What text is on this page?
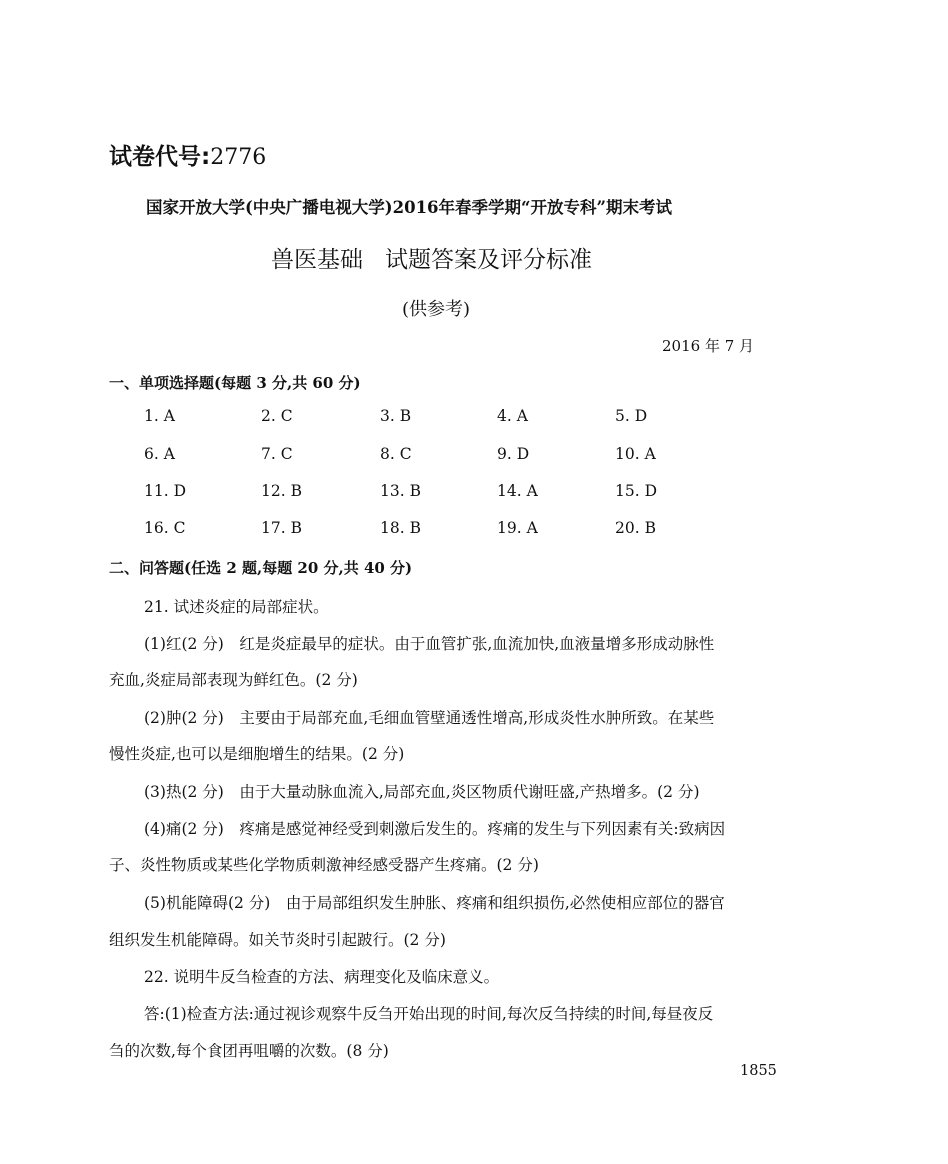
试卷代号:2776
国家开放大学(中央广播电视大学)2016年春季学期“开放专科”期末考试
兽医基础 试题答案及评分标准
(供参考)
2016 年 7 月
一、单项选择题(每题 3 分,共 60 分)
1. A	2. C	3. B	4. A	5. D
6. A	7. C	8. C	9. D	10. A
11. D	12. B	13. B	14. A	15. D
16. C	17. B	18. B	19. A	20. B
二、问答题(任选 2 题,每题 20 分,共 40 分)
21. 试述炎症的局部症状。
(1)红(2 分)　红是炎症最早的症状。由于血管扩张,血流加快,血液量增多形成动脉性
充血,炎症局部表现为鲜红色。(2 分)
(2)肿(2 分)　主要由于局部充血,毛细血管壁通透性增高,形成炎性水肿所致。在某些
慢性炎症,也可以是细胞增生的结果。(2 分)
(3)热(2 分)　由于大量动脉血流入,局部充血,炎区物质代谢旺盛,产热增多。(2 分)
(4)痛(2 分)　疼痛是感觉神经受到刺激后发生的。疼痛的发生与下列因素有关:致病因
子、炎性物质或某些化学物质刺激神经感受器产生疼痛。(2 分)
(5)机能障碍(2 分)　由于局部组织发生肿胀、疼痛和组织损伤,必然使相应部位的器官
组织发生机能障碍。如关节炎时引起跛行。(2 分)
22. 说明牛反刍检查的方法、病理变化及临床意义。
答:(1)检查方法:通过视诊观察牛反刍开始出现的时间,每次反刍持续的时间,每昼夜反
刍的次数,每个食团再咀嚼的次数。(8 分)
1855
